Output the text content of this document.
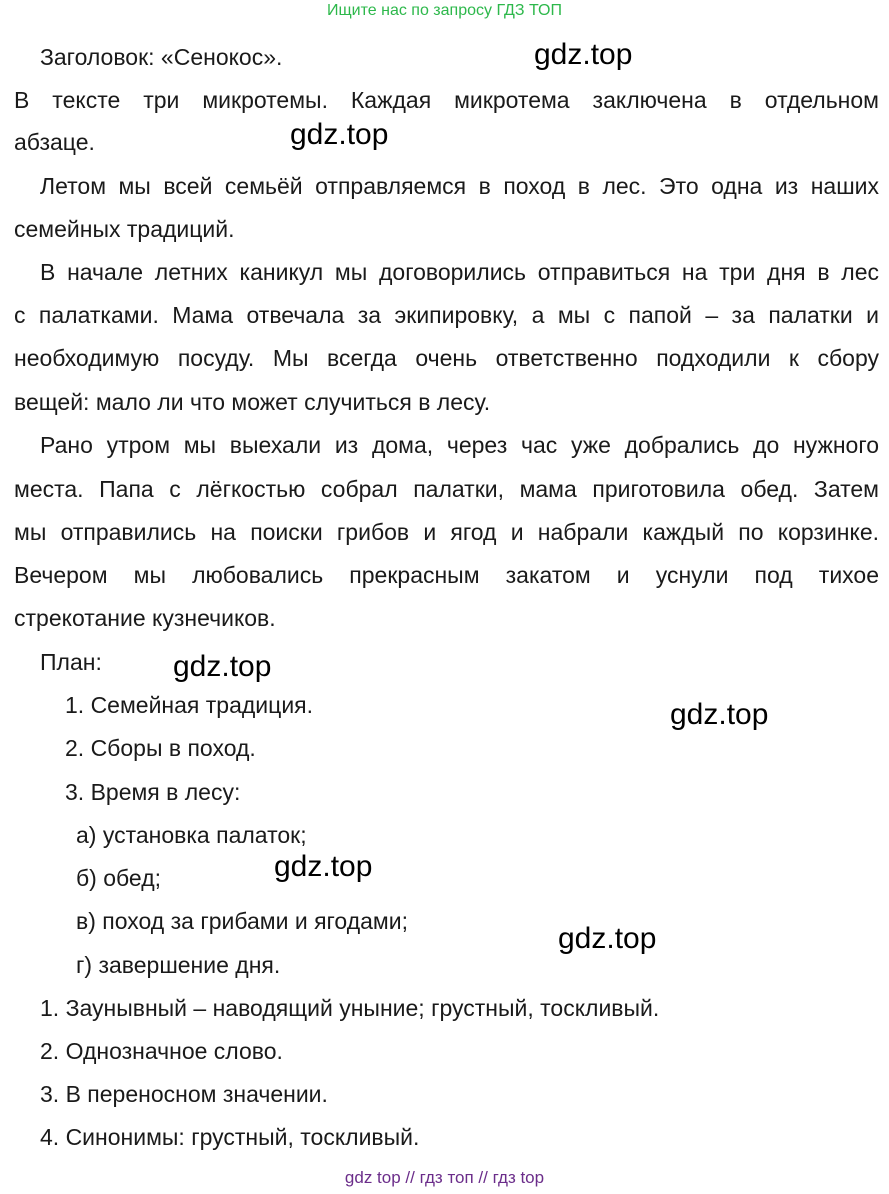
Ищите нас по запросу ГДЗ ТОП
Заголовок: «Сенокос».
В тексте три микротемы. Каждая микротема заключена в отдельном
абзаце.
Летом мы всей семьёй отправляемся в поход в лес. Это одна из наших
семейных традиций.
В начале летних каникул мы договорились отправиться на три дня в лес
с палатками. Мама отвечала за экипировку, а мы с папой – за палатки и
необходимую посуду. Мы всегда очень ответственно подходили к сбору
вещей: мало ли что может случиться в лесу.
Рано утром мы выехали из дома, через час уже добрались до нужного
места. Папа с лёгкостью собрал палатки, мама приготовила обед. Затем
мы отправились на поиски грибов и ягод и набрали каждый по корзинке.
Вечером мы любовались прекрасным закатом и уснули под тихое
стрекотание кузнечиков.
План:
1. Семейная традиция.
2. Сборы в поход.
3. Время в лесу:
а) установка палаток;
б) обед;
в) поход за грибами и ягодами;
г) завершение дня.
1. Заунывный – наводящий уныние; грустный, тоскливый.
2. Однозначное слово.
3. В переносном значении.
4. Синонимы: грустный, тоскливый.
gdz.top
gdz.top
gdz.top
gdz.top
gdz.top
gdz.top
gdz top // гдз топ // гдз top
